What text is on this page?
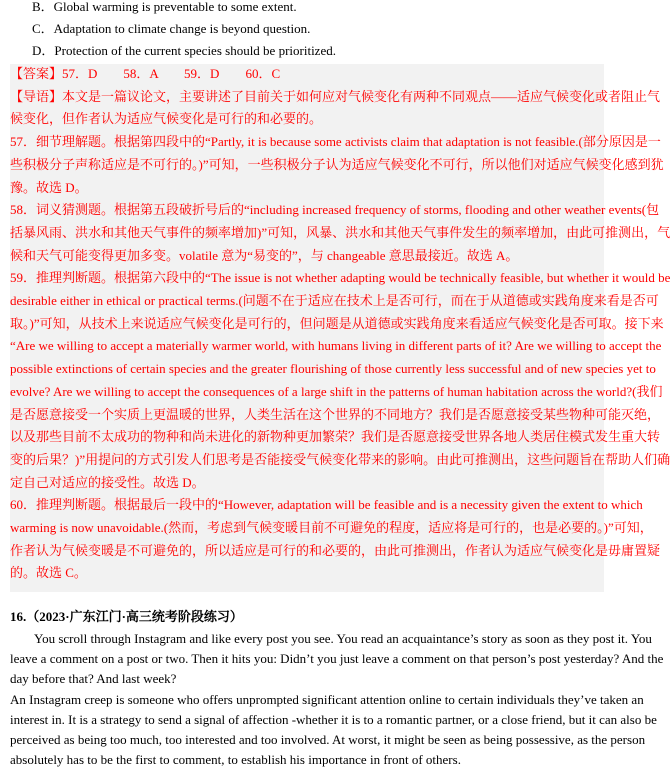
B．Global warming is preventable to some extent.
C．Adaptation to climate change is beyond question.
D．Protection of the current species should be prioritized.
【答案】57．D　　58．A　　59．D　　60．C
【导语】本文是一篇议论文，主要讲述了目前关于如何应对气候变化有两种不同观点——适应气候变化或者阻止气
候变化，但作者认为适应气候变化是可行的和必要的。
57．细节理解题。根据第四段中的“Partly, it is because some activists claim that adaptation is not feasible.(部分原因是一
些积极分子声称适应是不可行的。)”可知，一些积极分子认为适应气候变化不可行，所以他们对适应气候变化感到犹
豫。故选 D。
58．词义猜测题。根据第五段破折号后的“including increased frequency of storms, flooding and other weather events(包
括暴风雨、洪水和其他天气事件的频率增加)”可知，风暴、洪水和其他天气事件发生的频率增加，由此可推测出，气
候和天气可能变得更加多变。volatile 意为“易变的”，与 changeable 意思最接近。故选 A。
59．推理判断题。根据第六段中的“The issue is not whether adapting would be technically feasible, but whether it would be
desirable either in ethical or practical terms.(问题不在于适应在技术上是否可行，而在于从道德或实践角度来看是否可
取。)”可知，从技术上来说适应气候变化是可行的，但问题是从道德或实践角度来看适应气候变化是否可取。接下来
“Are we willing to accept a materially warmer world, with humans living in different parts of it? Are we willing to accept the
possible extinctions of certain species and the greater flourishing of those currently less successful and of new species yet to
evolve? Are we willing to accept the consequences of a large shift in the patterns of human habitation across the world?(我们
是否愿意接受一个实质上更温暖的世界，人类生活在这个世界的不同地方？我们是否愿意接受某些物种可能灭绝，
以及那些目前不太成功的物种和尚未进化的新物种更加繁荣？我们是否愿意接受世界各地人类居住模式发生重大转
变的后果？)”用提问的方式引发人们思考是否能接受气候变化带来的影响。由此可推测出，这些问题旨在帮助人们确
定自己对适应的接受性。故选 D。
60．推理判断题。根据最后一段中的“However, adaptation will be feasible and is a necessity given the extent to which
warming is now unavoidable.(然而，考虑到气候变暖目前不可避免的程度，适应将是可行的，也是必要的。)”可知，
作者认为气候变暖是不可避免的，所以适应是可行的和必要的，由此可推测出，作者认为适应气候变化是毋庸置疑
的。故选 C。
16.（2023·广东江门·高三统考阶段练习）
You scroll through Instagram and like every post you see. You read an acquaintance’s story as soon as they post it. You
leave a comment on a post or two. Then it hits you: Didn’t you just leave a comment on that person’s post yesterday? And the
day before that? And last week?
An Instagram creep is someone who offers unprompted significant attention online to certain individuals they’ve taken an
interest in. It is a strategy to send a signal of affection -whether it is to a romantic partner, or a close friend, but it can also be
perceived as being too much, too interested and too involved. At worst, it might be seen as being possessive, as the person
absolutely has to be the first to comment, to establish his importance in front of others.
